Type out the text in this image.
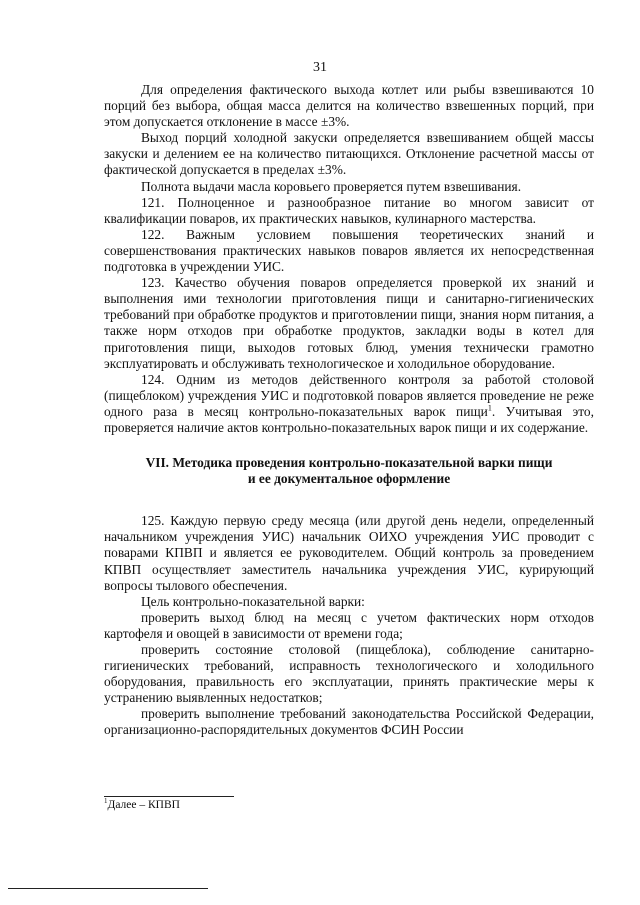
31

Для определения фактического выхода котлет или рыбы взвешиваются 10 порций без выбора, общая масса делится на количество взвешенных порций, при этом допускается отклонение в массе ±3%.

Выход порций холодной закуски определяется взвешиванием общей массы закуски и делением ее на количество питающихся. Отклонение расчетной массы от фактической допускается в пределах ±3%.

Полнота выдачи масла коровьего проверяется путем взвешивания.

121. Полноценное и разнообразное питание во многом зависит от квалификации поваров, их практических навыков, кулинарного мастерства.

122. Важным условием повышения теоретических знаний и совершенствования практических навыков поваров является их непосредственная подготовка в учреждении УИС.

123. Качество обучения поваров определяется проверкой их знаний и выполнения ими технологии приготовления пищи и санитарно-гигиенических требований при обработке продуктов и приготовлении пищи, знания норм питания, а также норм отходов при обработке продуктов, закладки воды в котел для приготовления пищи, выходов готовых блюд, умения технически грамотно эксплуатировать и обслуживать технологическое и холодильное оборудование.

124. Одним из методов действенного контроля за работой столовой (пищеблоком) учреждения УИС и подготовкой поваров является проведение не реже одного раза в месяц контрольно-показательных варок пищи$^1$. Учитывая это, проверяется наличие актов контрольно-показательных варок пищи и их содержание.

VII. Методика проведения контрольно-показательной варки пищи
и ее документальное оформление

125. Каждую первую среду месяца (или другой день недели, определенный начальником учреждения УИС) начальник ОИХО учреждения УИС проводит с поварами КПВП и является ее руководителем. Общий контроль за проведением КПВП осуществляет заместитель начальника учреждения УИС, курирующий вопросы тылового обеспечения.

Цель контрольно-показательной варки:

проверить выход блюд на месяц с учетом фактических норм отходов картофеля и овощей в зависимости от времени года;

проверить состояние столовой (пищеблока), соблюдение санитарно-гигиенических требований, исправность технологического и холодильного оборудования, правильность его эксплуатации, принять практические меры к устранению выявленных недостатков;

проверить выполнение требований законодательства Российской Федерации, организационно-распорядительных документов ФСИН России

$^1$Далее – КПВП
